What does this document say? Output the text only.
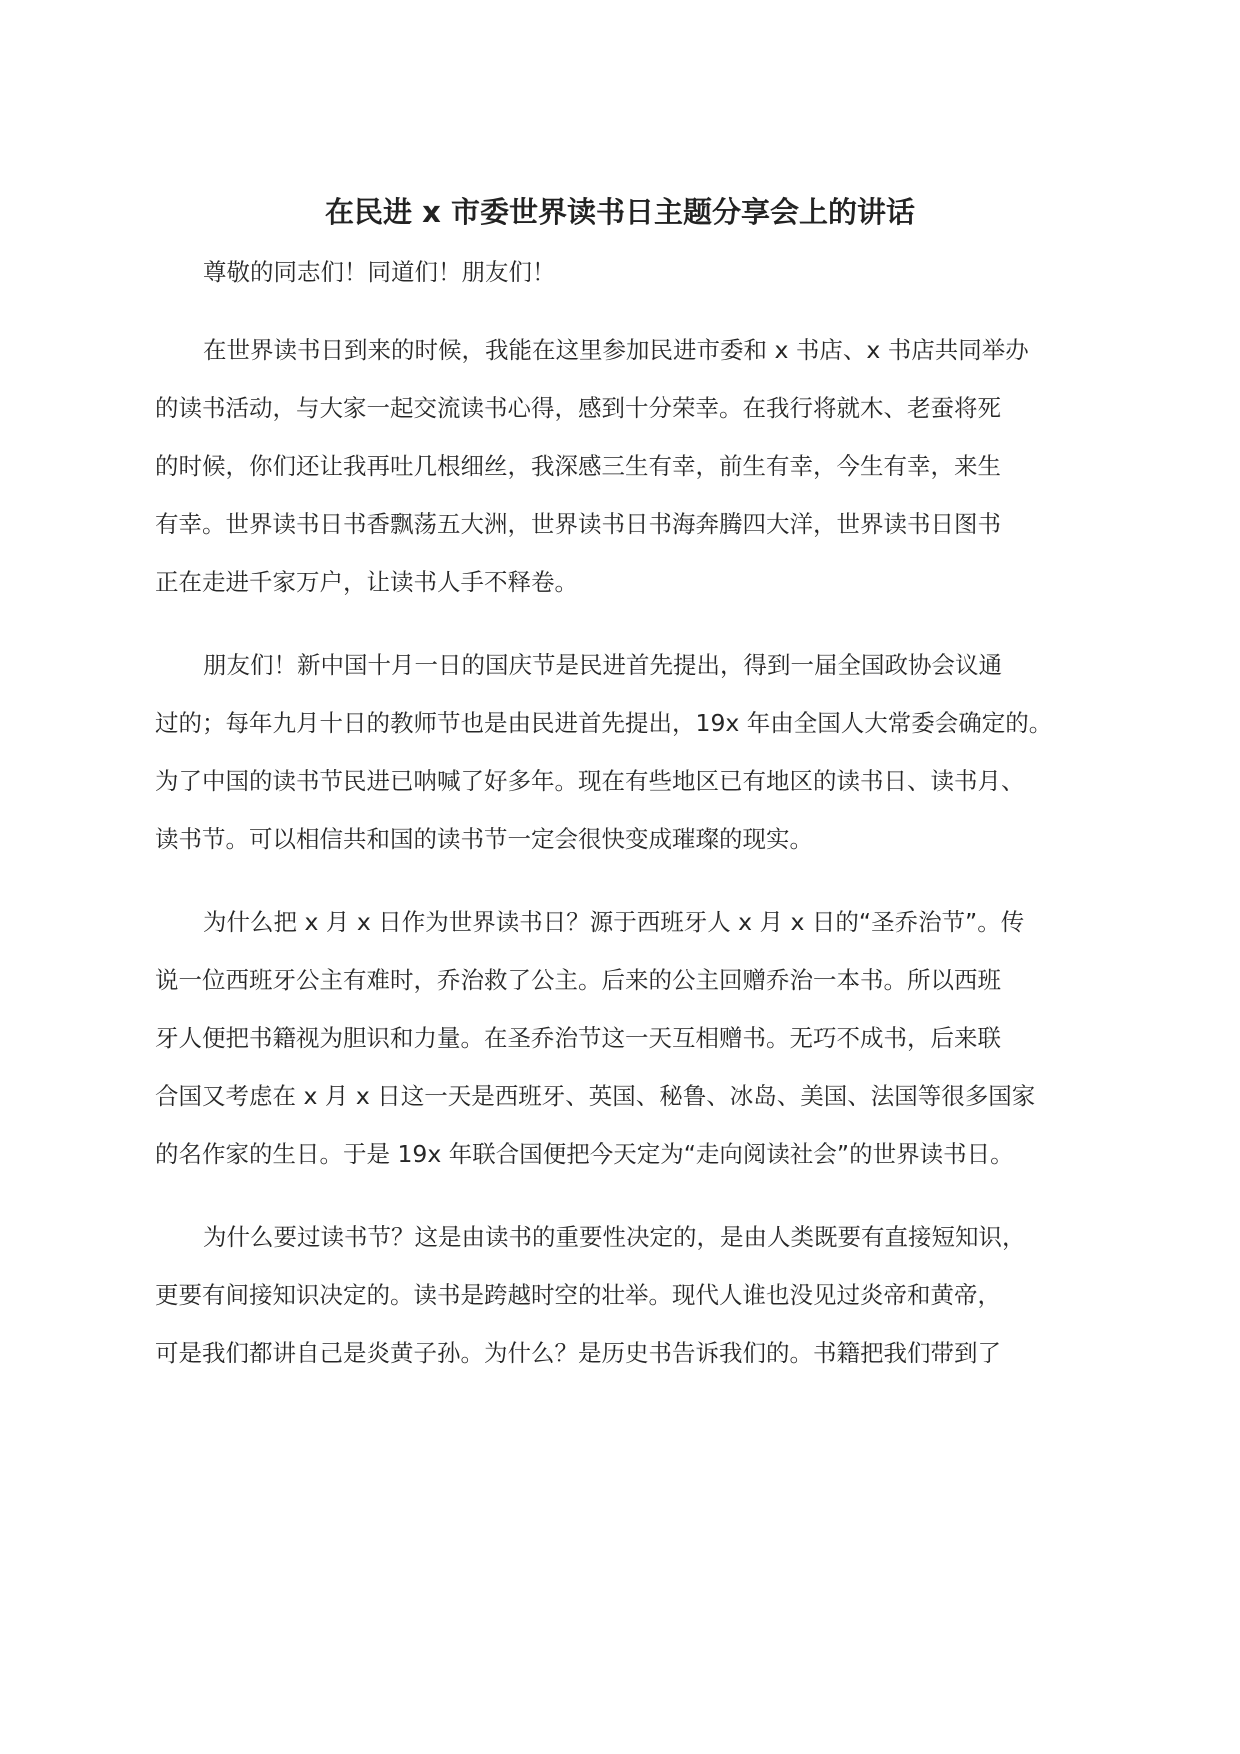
在民进 x 市委世界读书日主题分享会上的讲话
尊敬的同志们！同道们！朋友们！
在世界读书日到来的时候，我能在这里参加民进市委和 x 书店、x 书店共同举办
的读书活动，与大家一起交流读书心得，感到十分荣幸。在我行将就木、老蚕将死
的时候，你们还让我再吐几根细丝，我深感三生有幸，前生有幸，今生有幸，来生
有幸。世界读书日书香飘荡五大洲，世界读书日书海奔腾四大洋，世界读书日图书
正在走进千家万户，让读书人手不释卷。
朋友们！新中国十月一日的国庆节是民进首先提出，得到一届全国政协会议通
过的；每年九月十日的教师节也是由民进首先提出，19x 年由全国人大常委会确定的。
为了中国的读书节民进已呐喊了好多年。现在有些地区已有地区的读书日、读书月、
读书节。可以相信共和国的读书节一定会很快变成璀璨的现实。
为什么把 x 月 x 日作为世界读书日？源于西班牙人 x 月 x 日的“圣乔治节”。传
说一位西班牙公主有难时，乔治救了公主。后来的公主回赠乔治一本书。所以西班
牙人便把书籍视为胆识和力量。在圣乔治节这一天互相赠书。无巧不成书，后来联
合国又考虑在 x 月 x 日这一天是西班牙、英国、秘鲁、冰岛、美国、法国等很多国家
的名作家的生日。于是 19x 年联合国便把今天定为“走向阅读社会”的世界读书日。
为什么要过读书节？这是由读书的重要性决定的，是由人类既要有直接短知识，
更要有间接知识决定的。读书是跨越时空的壮举。现代人谁也没见过炎帝和黄帝，
可是我们都讲自己是炎黄子孙。为什么？是历史书告诉我们的。书籍把我们带到了
